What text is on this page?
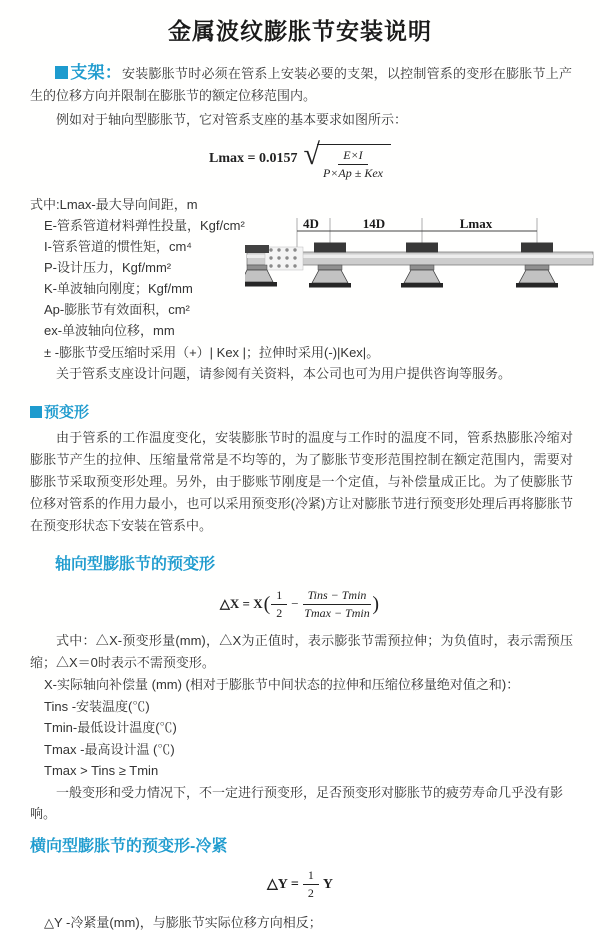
金属波纹膨胀节安装说明

支架：安装膨胀节时必须在管系上安装必要的支架，以控制管系的变形在膨胀节上产生的位移方向并限制在膨胀节的额定位移范围内。

例如对于轴向型膨胀节，它对管系支座的基本要求如图所示：

Lmax = 0.0157 √ $\frac{E\times I}{\text{P×Ap ± Kex}}$
式中:Lmax-最大导向间距，m
E-管系管道材料弹性投量，Kgf/cm²
I-管系管道的惯性矩，cm⁴
P-设计压力，Kgf/mm²
K-单波轴向刚度；Kgf/mm
Ap-膨胀节有效面积，cm²
ex-单波轴向位移，mm
4D	14D	Lmax
± -膨胀节受压缩时采用（+）| Kex |；拉伸时采用(-)|Kex|。
关于管系支座设计问题，请参阅有关资料，本公司也可为用户提供咨询等服务。
预变形

由于管系的工作温度变化，安装膨胀节时的温度与工作时的温度不同，管系热膨胀冷缩对膨胀节产生的拉伸、压缩量常常是不均等的，为了膨胀节变形范围控制在额定范围内，需要对膨胀节采取预变形处理。另外，由于膨账节刚度是一个定值，与补偿量成正比。为了使膨胀节位移对管系的作用力最小，也可以采用预变形(冷紧)方让对膨胀节进行预变形处理后再将膨胀节在预变形状态下安装在管系中。

轴向型膨胀节的预变形
△X = X ( $\frac{1}{2} - \frac{\text{Tins − Tmin}}{Tmax - Tmin}$ )

式中：△X-预变形量(mm)，△X为正值时，表示膨张节需预拉伸；为负值时，表示需预压缩；△X＝0时表示不需预变形。

X-实际轴向补偿量 (mm) (相对于膨胀节中间状态的拉伸和压缩位移量绝对值之和)：
Tins -安装温度(℃)
Tmin-最低设计温度(℃)
Tmax -最高设计温 (℃)
Tmax > Tins ≥ Tmin

一般变形和受力情况下，不一定进行预变形，足否预变形对膨胀节的疲劳寿命几乎没有影响。

横向型膨胀节的预变形-冷紧
△Y = $\frac{1}{2}$ Y
△Y -冷紧量(mm)，与膨胀节实际位移方向相反；
